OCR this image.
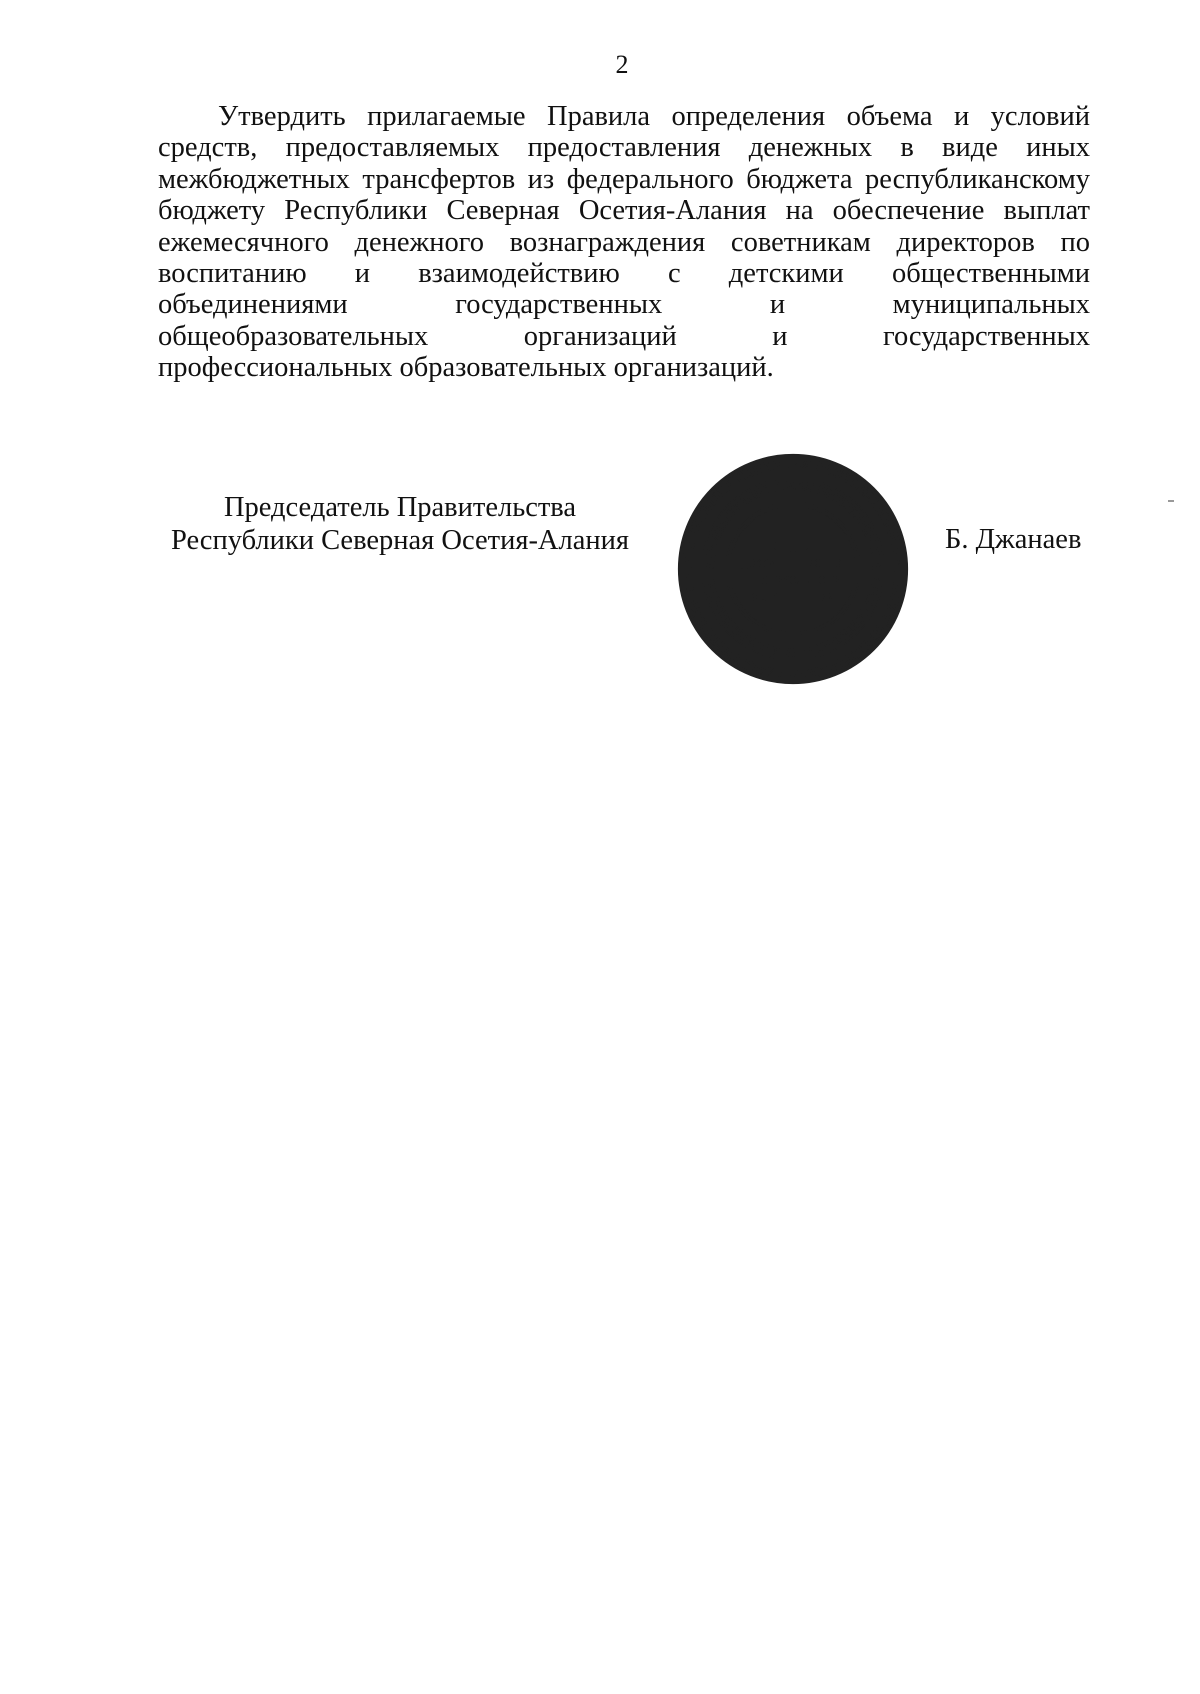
2
Утвердить прилагаемые Правила определения объема и условий
средств, предоставляемых предоставления денежных в виде иных
межбюджетных трансфертов из федерального бюджета республиканскому
бюджету Республики Северная Осетия-Алания на обеспечение выплат
ежемесячного денежного вознаграждения советникам директоров по
воспитанию и взаимодействию с детскими общественными
объединениями государственных и муниципальных
общеобразовательных организаций и государственных
профессиональных образовательных организаций.
Председатель Правительства
Республики Северная Осетия-Алания
РЕСПУБЛИКА СЕВЕРНАЯ ОСЕТИЯ-АЛАНИЯ * ЦӔГАТ ИРЫСТОН-АЛАНИЙЫ РЕСПУБЛИКӔ
АДМИНИСТРАЦИЯ ГЛАВЫ РЕСПУБЛИКИ СЕВЕРНАЯ ОСЕТИЯ-АЛАНИЯ И ПРАВИТЕЛЬСТВА
ОТДЕЛ
ДОКУМЕНТАЦИОННО-
ПРОТОКОЛЬНОГО
ОБЕСПЕЧЕНИЯ
Б. Джанаев
